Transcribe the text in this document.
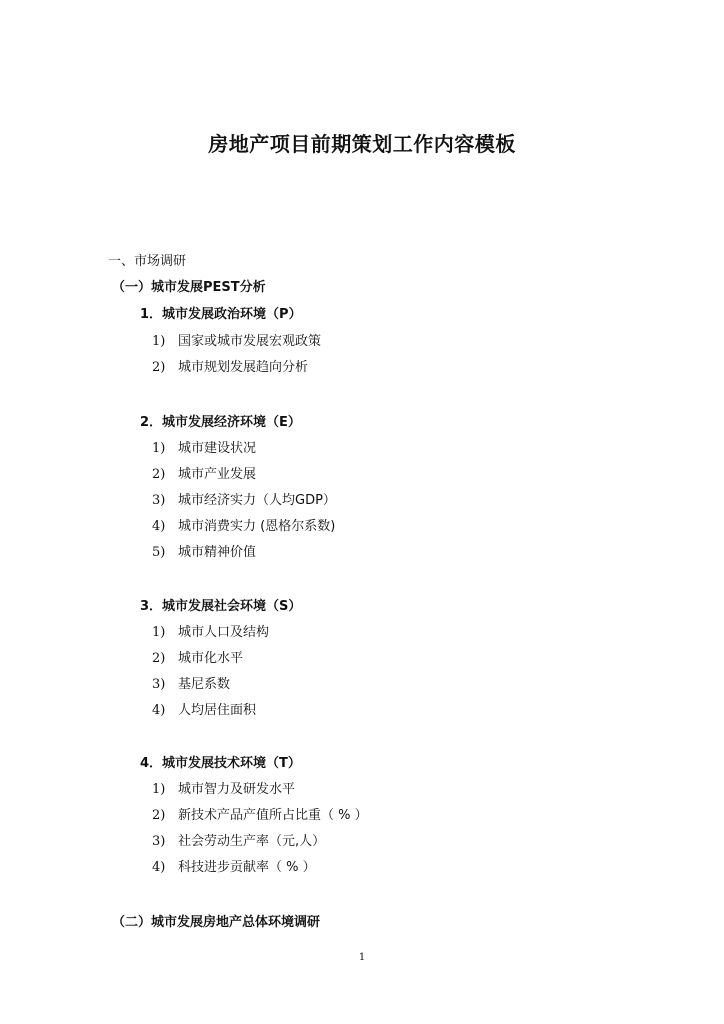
房地产项目前期策划工作内容模板
一、市场调研
（一）城市发展PEST分析
1．城市发展政治环境（P）
1) 国家或城市发展宏观政策
2) 城市规划发展趋向分析
2．城市发展经济环境（E）
1) 城市建设状况
2) 城市产业发展
3) 城市经济实力（人均GDP）
4) 城市消费实力 (恩格尔系数)
5) 城市精神价值
3．城市发展社会环境（S）
1) 城市人口及结构
2) 城市化水平
3) 基尼系数
4) 人均居住面积
4．城市发展技术环境（T）
1) 城市智力及研发水平
2) 新技术产品产值所占比重（ % ）
3) 社会劳动生产率（元,人）
4) 科技进步贡献率（ % ）
（二）城市发展房地产总体环境调研
1
